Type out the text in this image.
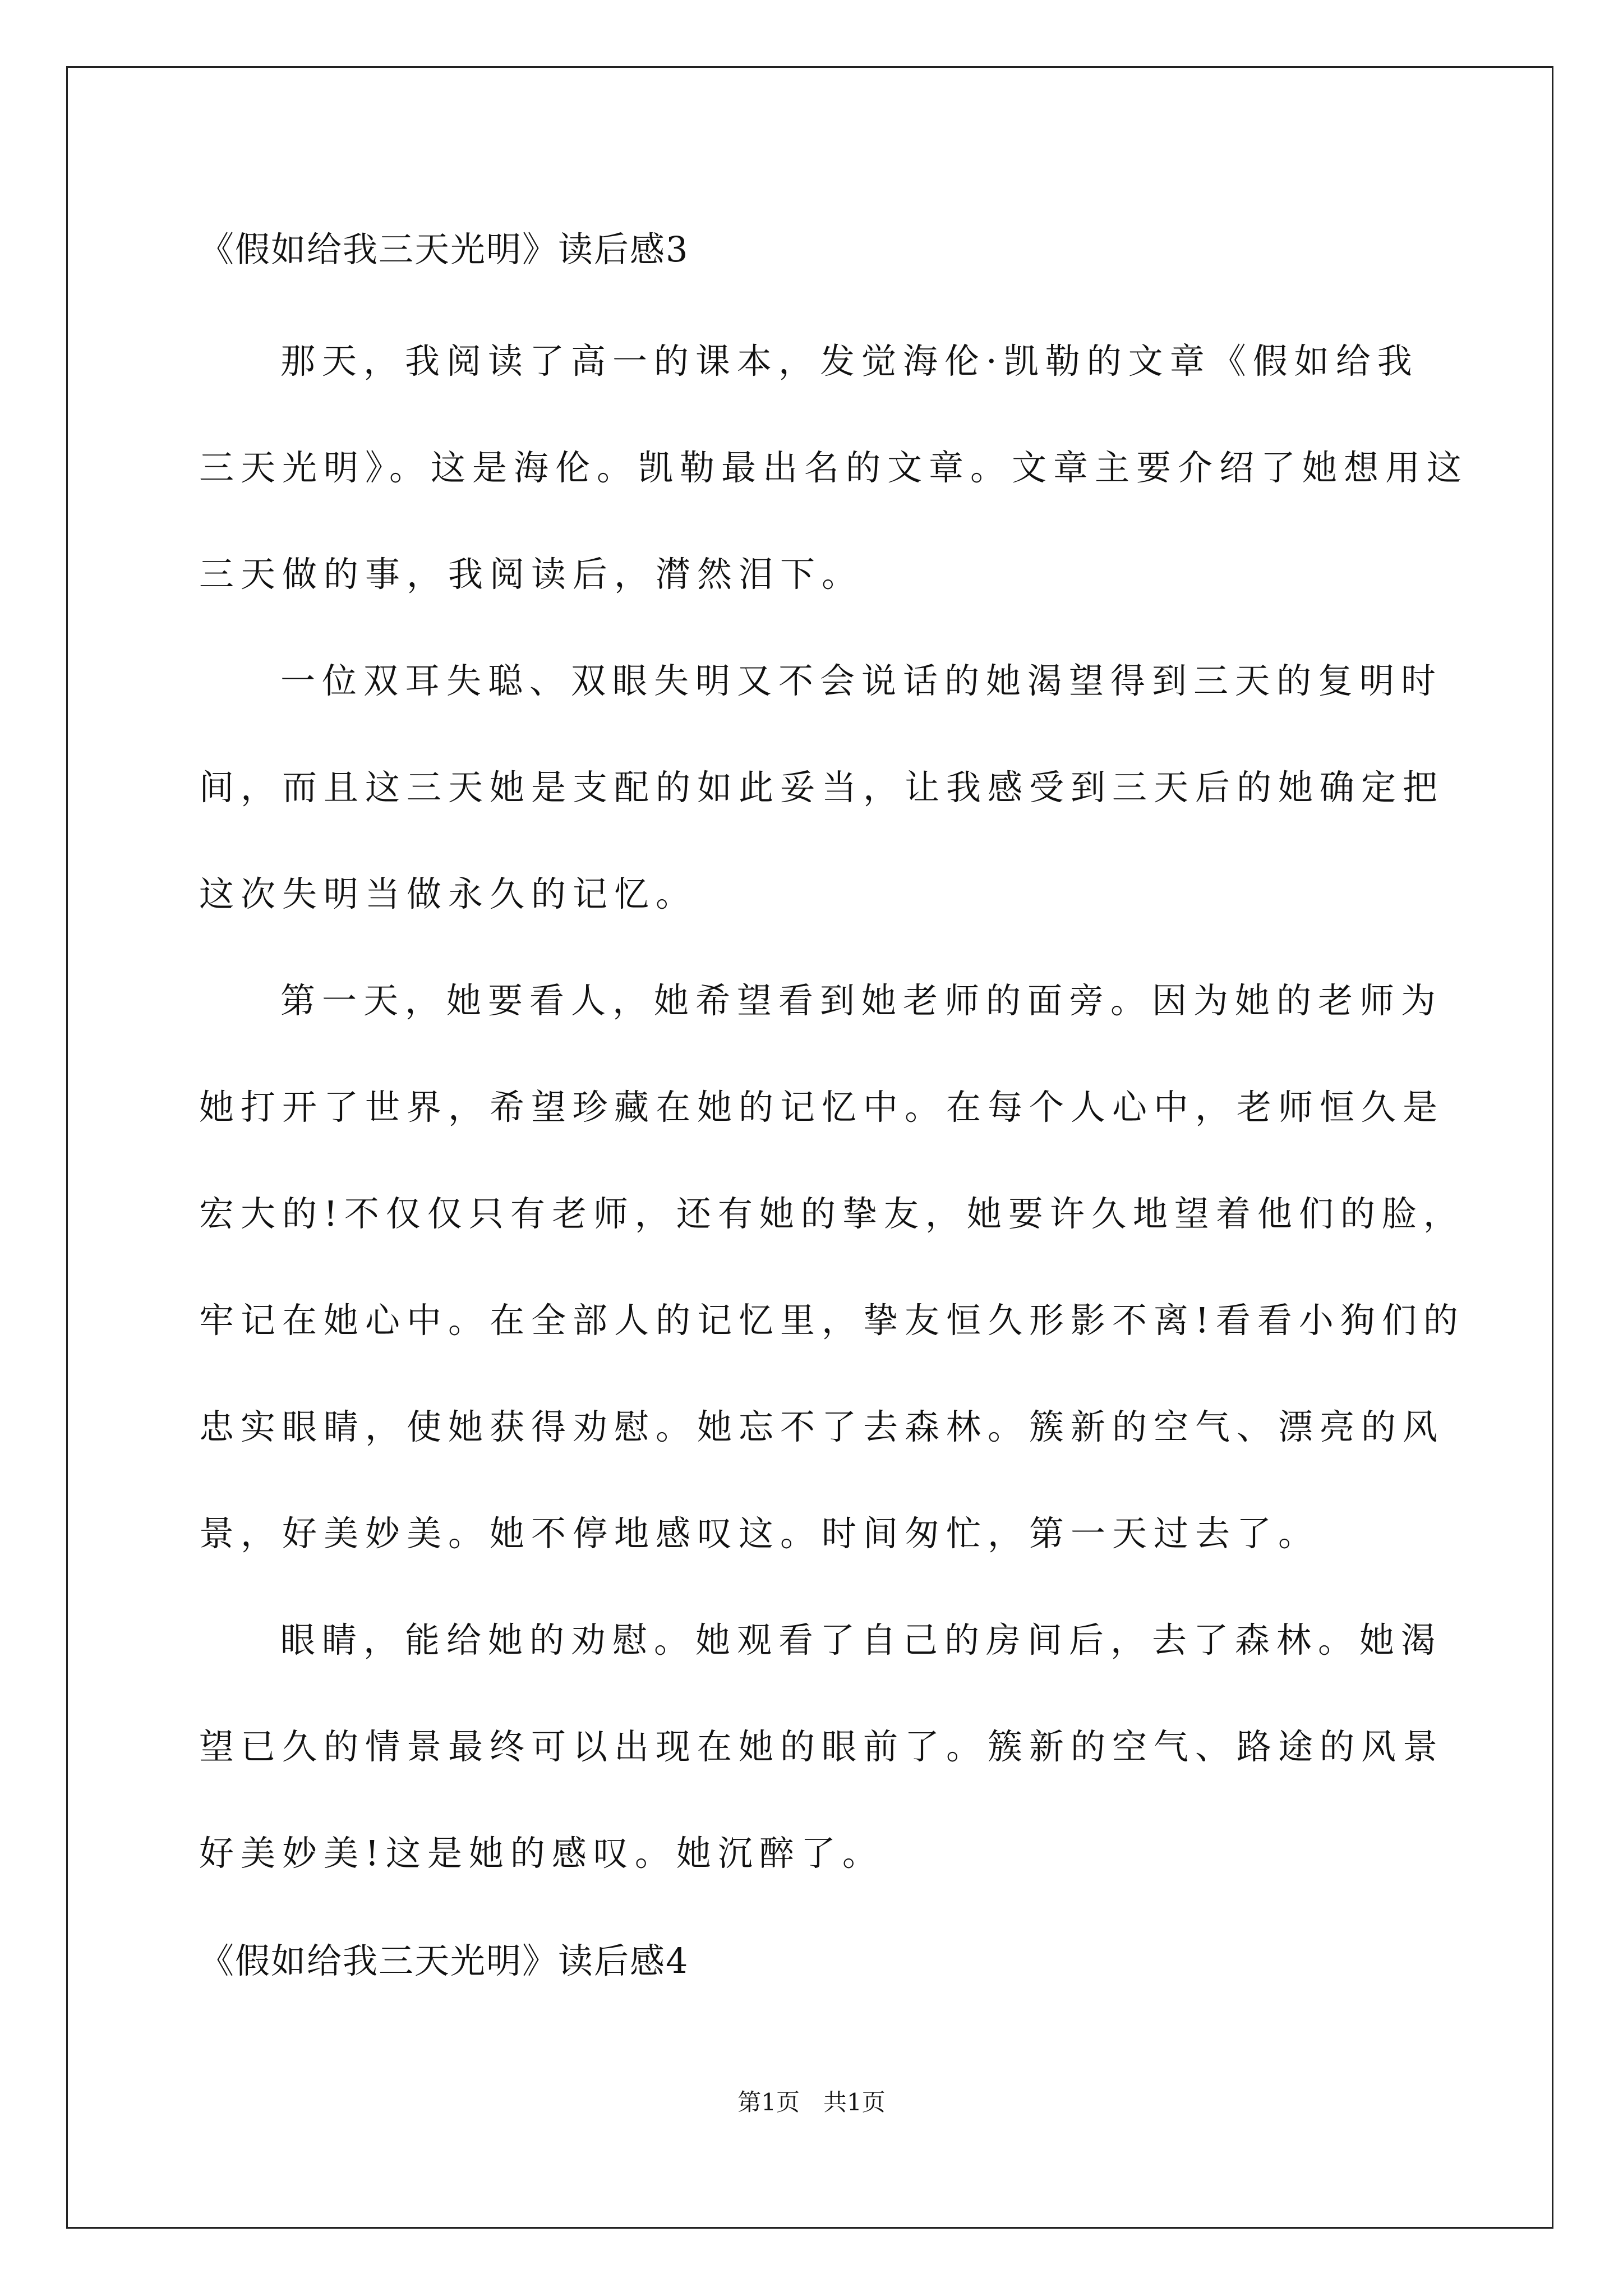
《假如给我三天光明》读后感3
那天，我阅读了高一的课本，发觉海伦·凯勒的文章《假如给我
三天光明》。这是海伦。凯勒最出名的文章。文章主要介绍了她想用这
三天做的事，我阅读后，潸然泪下。
一位双耳失聪、双眼失明又不会说话的她渴望得到三天的复明时
间，而且这三天她是支配的如此妥当，让我感受到三天后的她确定把
这次失明当做永久的记忆。
第一天，她要看人，她希望看到她老师的面旁。因为她的老师为
她打开了世界，希望珍藏在她的记忆中。在每个人心中，老师恒久是
宏大的!不仅仅只有老师，还有她的挚友，她要许久地望着他们的脸，
牢记在她心中。在全部人的记忆里，挚友恒久形影不离!看看小狗们的
忠实眼睛，使她获得劝慰。她忘不了去森林。簇新的空气、漂亮的风
景，好美妙美。她不停地感叹这。时间匆忙，第一天过去了。
眼睛，能给她的劝慰。她观看了自己的房间后，去了森林。她渴
望已久的情景最终可以出现在她的眼前了。簇新的空气、路途的风景
好美妙美!这是她的感叹。她沉醉了。
《假如给我三天光明》读后感4
第1页　共1页
